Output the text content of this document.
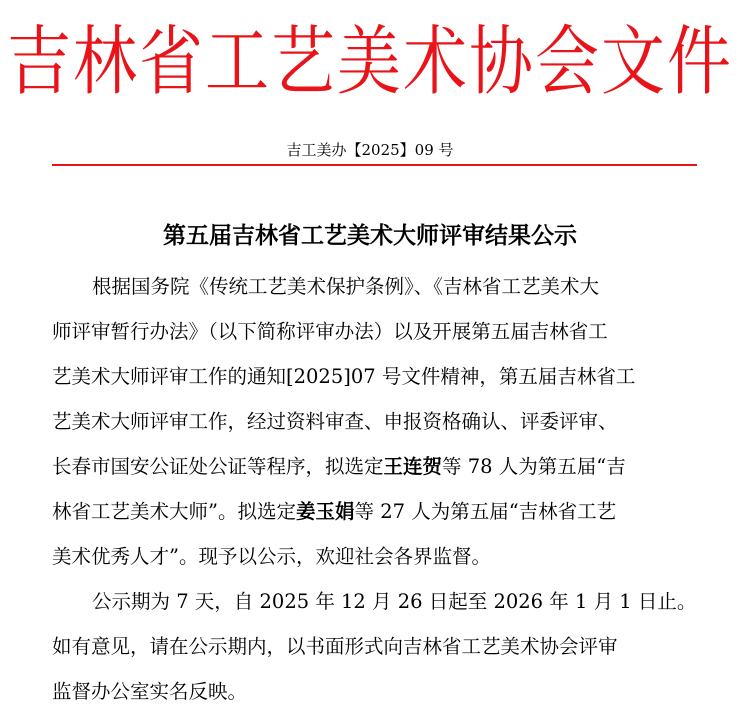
吉林省工艺美术协会文件
吉工美办【2025】09 号
第五届吉林省工艺美术大师评审结果公示
根据国务院《传统工艺美术保护条例》、《吉林省工艺美术大
师评审暂行办法》（以下简称评审办法）以及开展第五届吉林省工
艺美术大师评审工作的通知[2025]07 号文件精神，第五届吉林省工
艺美术大师评审工作，经过资料审查、申报资格确认、评委评审、
长春市国安公证处公证等程序，拟选定王连贺等 78 人为第五届“吉
林省工艺美术大师”。拟选定姜玉娟等 27 人为第五届“吉林省工艺
美术优秀人才”。现予以公示，欢迎社会各界监督。
公示期为 7 天，自 2025 年 12 月 26 日起至 2026 年 1 月 1 日止。
如有意见，请在公示期内，以书面形式向吉林省工艺美术协会评审
监督办公室实名反映。
